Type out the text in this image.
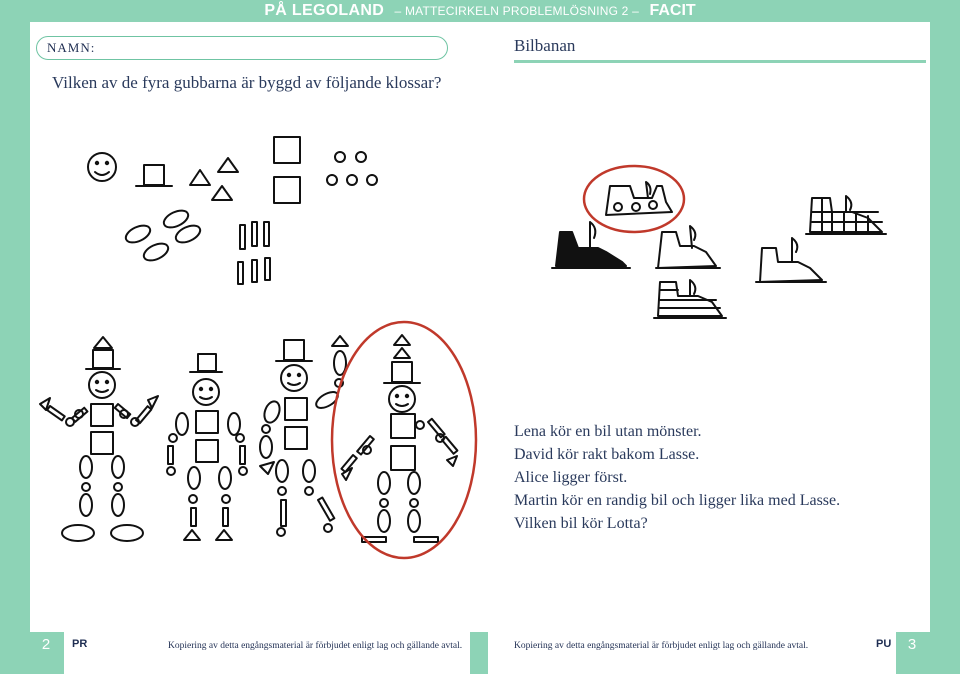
PÅ LEGOLAND – MATTECIRKELN PROBLEMLÖSNING 2 – FACIT
NAMN:
Vilken av de fyra gubbarna är byggd av följande klossar?
Bilbanan
Lena kör en bil utan mönster.
David kör rakt bakom Lasse.
Alice ligger först.
Martin kör en randig bil och ligger lika med Lasse.
Vilken bil kör Lotta?
2	PR	Kopiering av detta engångsmaterial är förbjudet enligt lag och gällande avtal.	Kopiering av detta engångsmaterial är förbjudet enligt lag och gällande avtal.	PU	3
